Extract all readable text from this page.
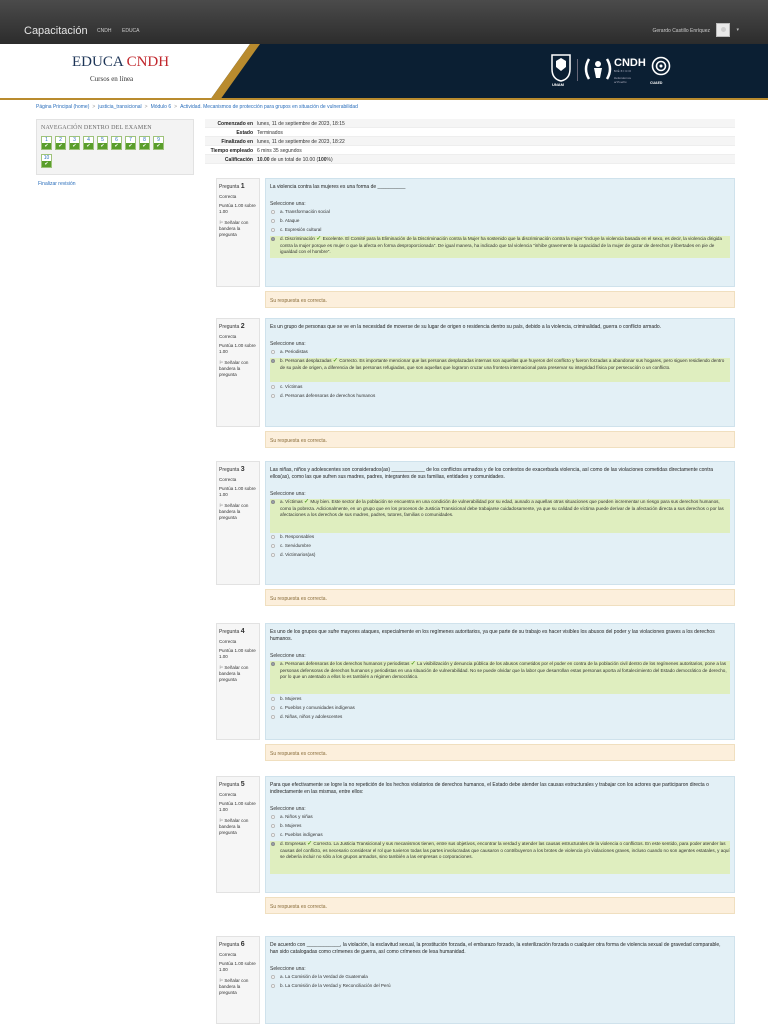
Capacitación CNDH EDUCA	Gerardo Castillo Enríquez	▾
EDUCA CNDH
Cursos en línea
UNAM
CNDH
MÉXICO
Defendemos al Pueblo	CUAED
Página Principal (home) > justicia_transicional > Módulo 6 > Actividad. Mecanismos de protección para grupos en situación de vulnerabilidad
NAVEGACIÓN DENTRO DEL EXAMEN
1
✔
2
✔
3
✔
4
✔
5
✔
6
✔
7
✔
8
✔
9
✔
10
✔
Finalizar revisión
Comenzado en lunes, 11 de septiembre de 2023, 18:15
Estado Terminados
Finalizado en lunes, 11 de septiembre de 2023, 18:22
Tiempo empleado 6 mins 35 segundos
Calificación 10.00 de un total de 10.00 (100%)
Pregunta 1
Correcta
Puntúa 1.00 sobre 1.00
⚐ Señalar con bandera la pregunta
La violencia contra las mujeres es una forma de __________
Seleccione una:
a. Transformación social
b. Ataque
c. Expresión cultural
d. Discriminación ✓ Excelente. El Comité para la Eliminación de la Discriminación contra la Mujer ha sostenido que la discriminación contra la mujer "incluye la violencia basada en el sexo, es decir, la violencia dirigida contra la mujer porque es mujer o que la afecta en forma desproporcionada". De igual manera, ha indicado que tal violencia "inhibe gravemente la capacidad de la mujer de gozar de derechos y libertades en pie de igualdad con el hombre".
Su respuesta es correcta.
Pregunta 2
Correcta
Puntúa 1.00 sobre 1.00
⚐ Señalar con bandera la pregunta
Es un grupo de personas que se ve en la necesidad de moverse de su lugar de origen o residencia dentro su país, debido a la violencia, criminalidad, guerra o conflicto armado.
Seleccione una:
a. Periodistas
b. Personas desplazadas ✓ Correcto. Es importante mencionar que las personas desplazadas internas son aquellas que huyeron del conflicto y fueron forzadas a abandonar sus hogares, pero siguen residiendo dentro de su país de origen, a diferencia de las personas refugiadas, que son aquellas que lograron cruzar una frontera internacional para preservar su integridad física por persecución o un conflicto.
c. Víctimas
d. Personas defensoras de derechos humanos
Su respuesta es correcta.
Pregunta 3
Correcta
Puntúa 1.00 sobre 1.00
⚐ Señalar con bandera la pregunta
Las niñas, niños y adolescentes son considerados(as) ____________ de los conflictos armados y de los contextos de exacerbada violencia, así como de las violaciones cometidas directamente contra ellos(as), como las que sufren sus madres, padres, integrantes de sus familias, entidades y comunidades.
Seleccione una:
a. Víctimas ✓ Muy bien. Este sector de la población se encuentra en una condición de vulnerabilidad por su edad, aunado a aquellas otras situaciones que pueden incrementar un riesgo para sus derechos humanos, como la pobreza. Adicionalmente, en un grupo que en los procesos de Justicia Transicional debe trabajarse cuidadosamente, ya que su calidad de víctima puede derivar de la afectación directa a sus derechos o por las afectaciones a los derechos de sus madres, padres, tutores, familias o comunidades.
b. Responsables
c. Servidumbre
d. Victimarios(as)
Su respuesta es correcta.
Pregunta 4
Correcta
Puntúa 1.00 sobre 1.00
⚐ Señalar con bandera la pregunta
Es uno de los grupos que sufre mayores ataques, especialmente en los regímenes autoritarios, ya que parte de su trabajo es hacer visibles los abusos del poder y las violaciones graves a los derechos humanos.
Seleccione una:
a. Personas defensoras de los derechos humanos y periodistas ✓ La visibilización y denuncia pública de los abusos cometidos por el poder en contra de la población civil dentro de los regímenes autoritarios, pone a las personas defensoras de derechos humanos y periodistas en una situación de vulnerabilidad. No se puede olvidar que la labor que desarrollan estas personas aporta al fortalecimiento del Estado democrático de derecho, por lo que un atentado a ellos lo es también a régimen democrático.
b. Mujeres
c. Pueblos y comunidades indígenas
d. Niñas, niños y adolescentes
Su respuesta es correcta.
Pregunta 5
Correcta
Puntúa 1.00 sobre 1.00
⚐ Señalar con bandera la pregunta
Para que efectivamente se logre la no repetición de los hechos violatorios de derechos humanos, el Estado debe atender las causas estructurales y trabajar con los actores que participaron directa o indirectamente en las mismas, entre ellos:
Seleccione una:
a. Niños y niñas
b. Mujeres
c. Pueblos indígenas
d. Empresas ✓ Correcto. La Justicia Transicional y sus mecanismos tienen, entre sus objetivos, encontrar la verdad y atender las causas estructurales de la violencia o conflictos. En este sentido, para poder atender las causas del conflicto, es necesario considerar el rol que tuvieron todas las partes involucradas que causaron o contribuyeron a los brotes de violencia y/o violaciones graves, incluso cuando no son agentes estatales, y aquí se debería incluir no sólo a los grupos armados, sino también a las empresas o corporaciones.
Su respuesta es correcta.
Pregunta 6
Correcta
Puntúa 1.00 sobre 1.00
⚐ Señalar con bandera la pregunta
De acuerdo con ____________, la violación, la esclavitud sexual, la prostitución forzada, el embarazo forzado, la esterilización forzada o cualquier otra forma de violencia sexual de gravedad comparable, han sido catalogadas como crímenes de guerra, así como crímenes de lesa humanidad.
Seleccione una:
a. La Comisión de la Verdad de Guatemala
b. La Comisión de la Verdad y Reconciliación del Perú
